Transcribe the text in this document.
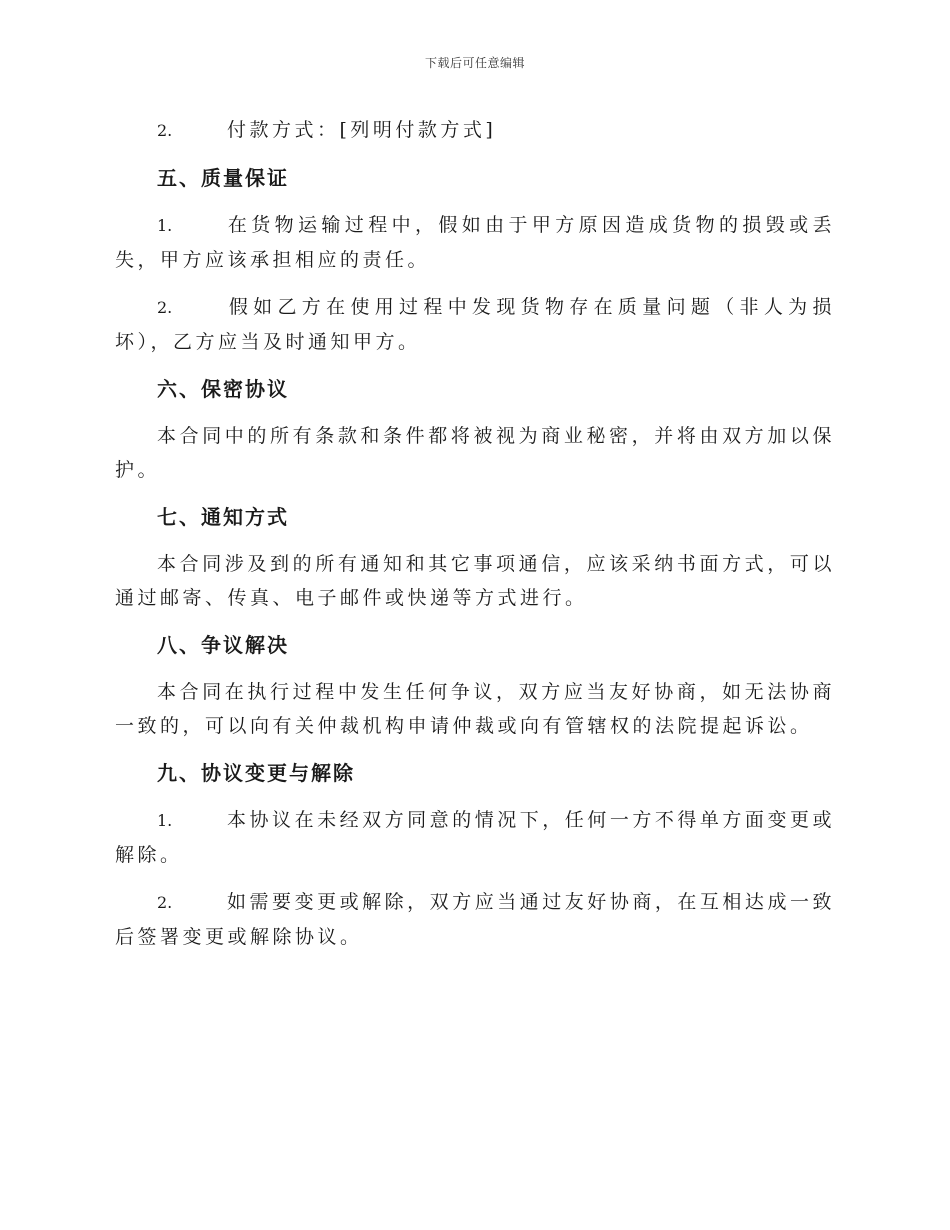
下载后可任意编辑
2.	付款方式：[列明付款方式]
五、质量保证
1.	在货物运输过程中，假如由于甲方原因造成货物的损毁或丢失，甲方应该承担相应的责任。
2.	假如乙方在使用过程中发现货物存在质量问题（非人为损坏），乙方应当及时通知甲方。
六、保密协议
本合同中的所有条款和条件都将被视为商业秘密，并将由双方加以保护。
七、通知方式
本合同涉及到的所有通知和其它事项通信，应该采纳书面方式，可以通过邮寄、传真、电子邮件或快递等方式进行。
八、争议解决
本合同在执行过程中发生任何争议，双方应当友好协商，如无法协商一致的，可以向有关仲裁机构申请仲裁或向有管辖权的法院提起诉讼。
九、协议变更与解除
1.	本协议在未经双方同意的情况下，任何一方不得单方面变更或解除。
2.	如需要变更或解除，双方应当通过友好协商，在互相达成一致后签署变更或解除协议。
